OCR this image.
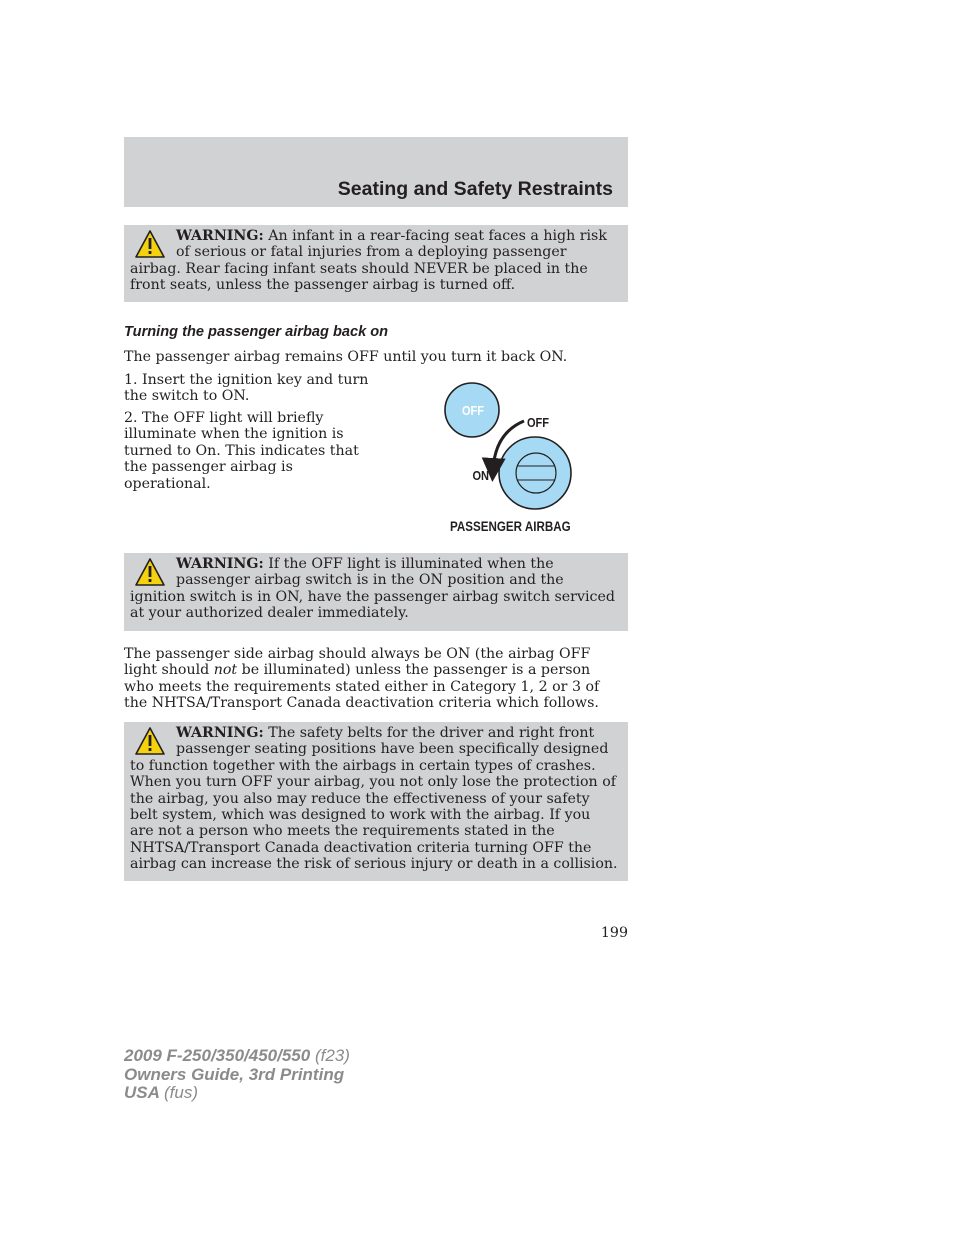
Seating and Safety Restraints

WARNING: An infant in a rear-facing seat faces a high risk of serious or fatal injuries from a deploying passenger airbag. Rear facing infant seats should NEVER be placed in the front seats, unless the passenger airbag is turned off.

Turning the passenger airbag back on

The passenger airbag remains OFF until you turn it back ON.

1. Insert the ignition key and turn the switch to ON.

2. The OFF light will briefly illuminate when the ignition is turned to On. This indicates that the passenger airbag is operational.

OFF
OFF
ON
PASSENGER AIRBAG

WARNING: If the OFF light is illuminated when the passenger airbag switch is in the ON position and the ignition switch is in ON, have the passenger airbag switch serviced at your authorized dealer immediately.

The passenger side airbag should always be ON (the airbag OFF light should not be illuminated) unless the passenger is a person who meets the requirements stated either in Category 1, 2 or 3 of the NHTSA/Transport Canada deactivation criteria which follows.

WARNING: The safety belts for the driver and right front passenger seating positions have been specifically designed to function together with the airbags in certain types of crashes. When you turn OFF your airbag, you not only lose the protection of the airbag, you also may reduce the effectiveness of your safety belt system, which was designed to work with the airbag. If you are not a person who meets the requirements stated in the NHTSA/Transport Canada deactivation criteria turning OFF the airbag can increase the risk of serious injury or death in a collision.

199
2009 F-250/350/450/550 (f23)
Owners Guide, 3rd Printing
USA (fus)
